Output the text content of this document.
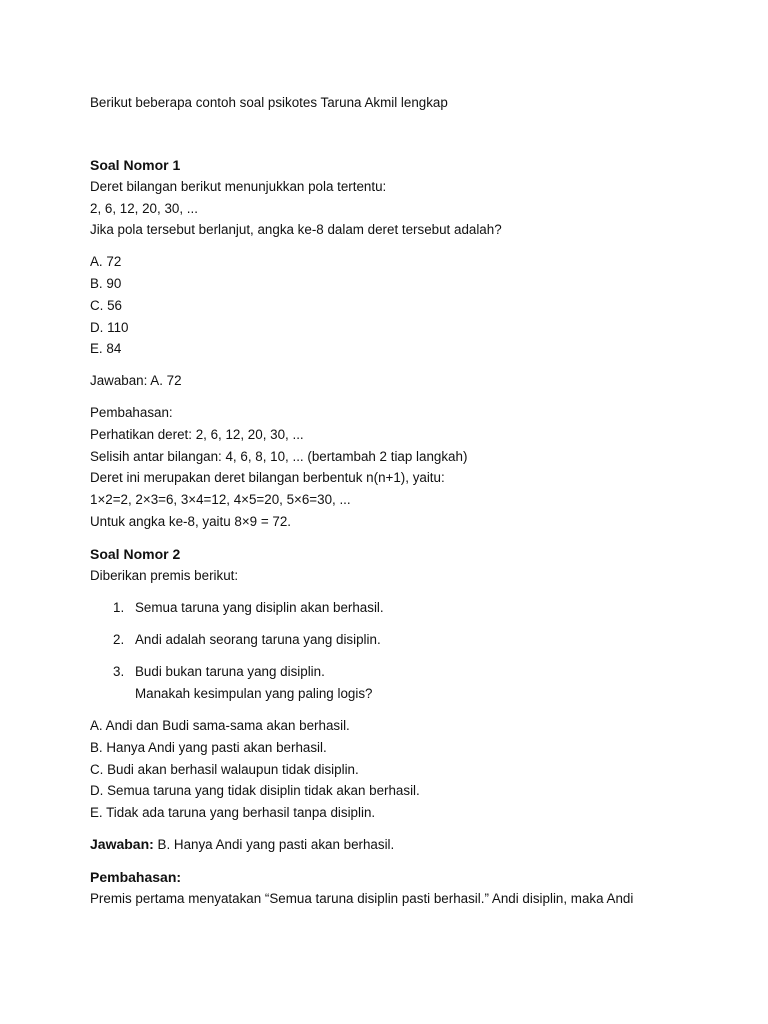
Berikut beberapa contoh soal psikotes Taruna Akmil lengkap
Soal Nomor 1
Deret bilangan berikut menunjukkan pola tertentu:
2, 6, 12, 20, 30, ...
Jika pola tersebut berlanjut, angka ke-8 dalam deret tersebut adalah?
A. 72
B. 90
C. 56
D. 110
E. 84
Jawaban: A. 72
Pembahasan:
Perhatikan deret: 2, 6, 12, 20, 30, ...
Selisih antar bilangan: 4, 6, 8, 10, ... (bertambah 2 tiap langkah)
Deret ini merupakan deret bilangan berbentuk n(n+1), yaitu:
1×2=2, 2×3=6, 3×4=12, 4×5=20, 5×6=30, ...
Untuk angka ke-8, yaitu 8×9 = 72.
Soal Nomor 2
Diberikan premis berikut:
1. Semua taruna yang disiplin akan berhasil.
2. Andi adalah seorang taruna yang disiplin.
3. Budi bukan taruna yang disiplin.
Manakah kesimpulan yang paling logis?
A. Andi dan Budi sama-sama akan berhasil.
B. Hanya Andi yang pasti akan berhasil.
C. Budi akan berhasil walaupun tidak disiplin.
D. Semua taruna yang tidak disiplin tidak akan berhasil.
E. Tidak ada taruna yang berhasil tanpa disiplin.
Jawaban: B. Hanya Andi yang pasti akan berhasil.
Pembahasan:
Premis pertama menyatakan “Semua taruna disiplin pasti berhasil.” Andi disiplin, maka Andi
